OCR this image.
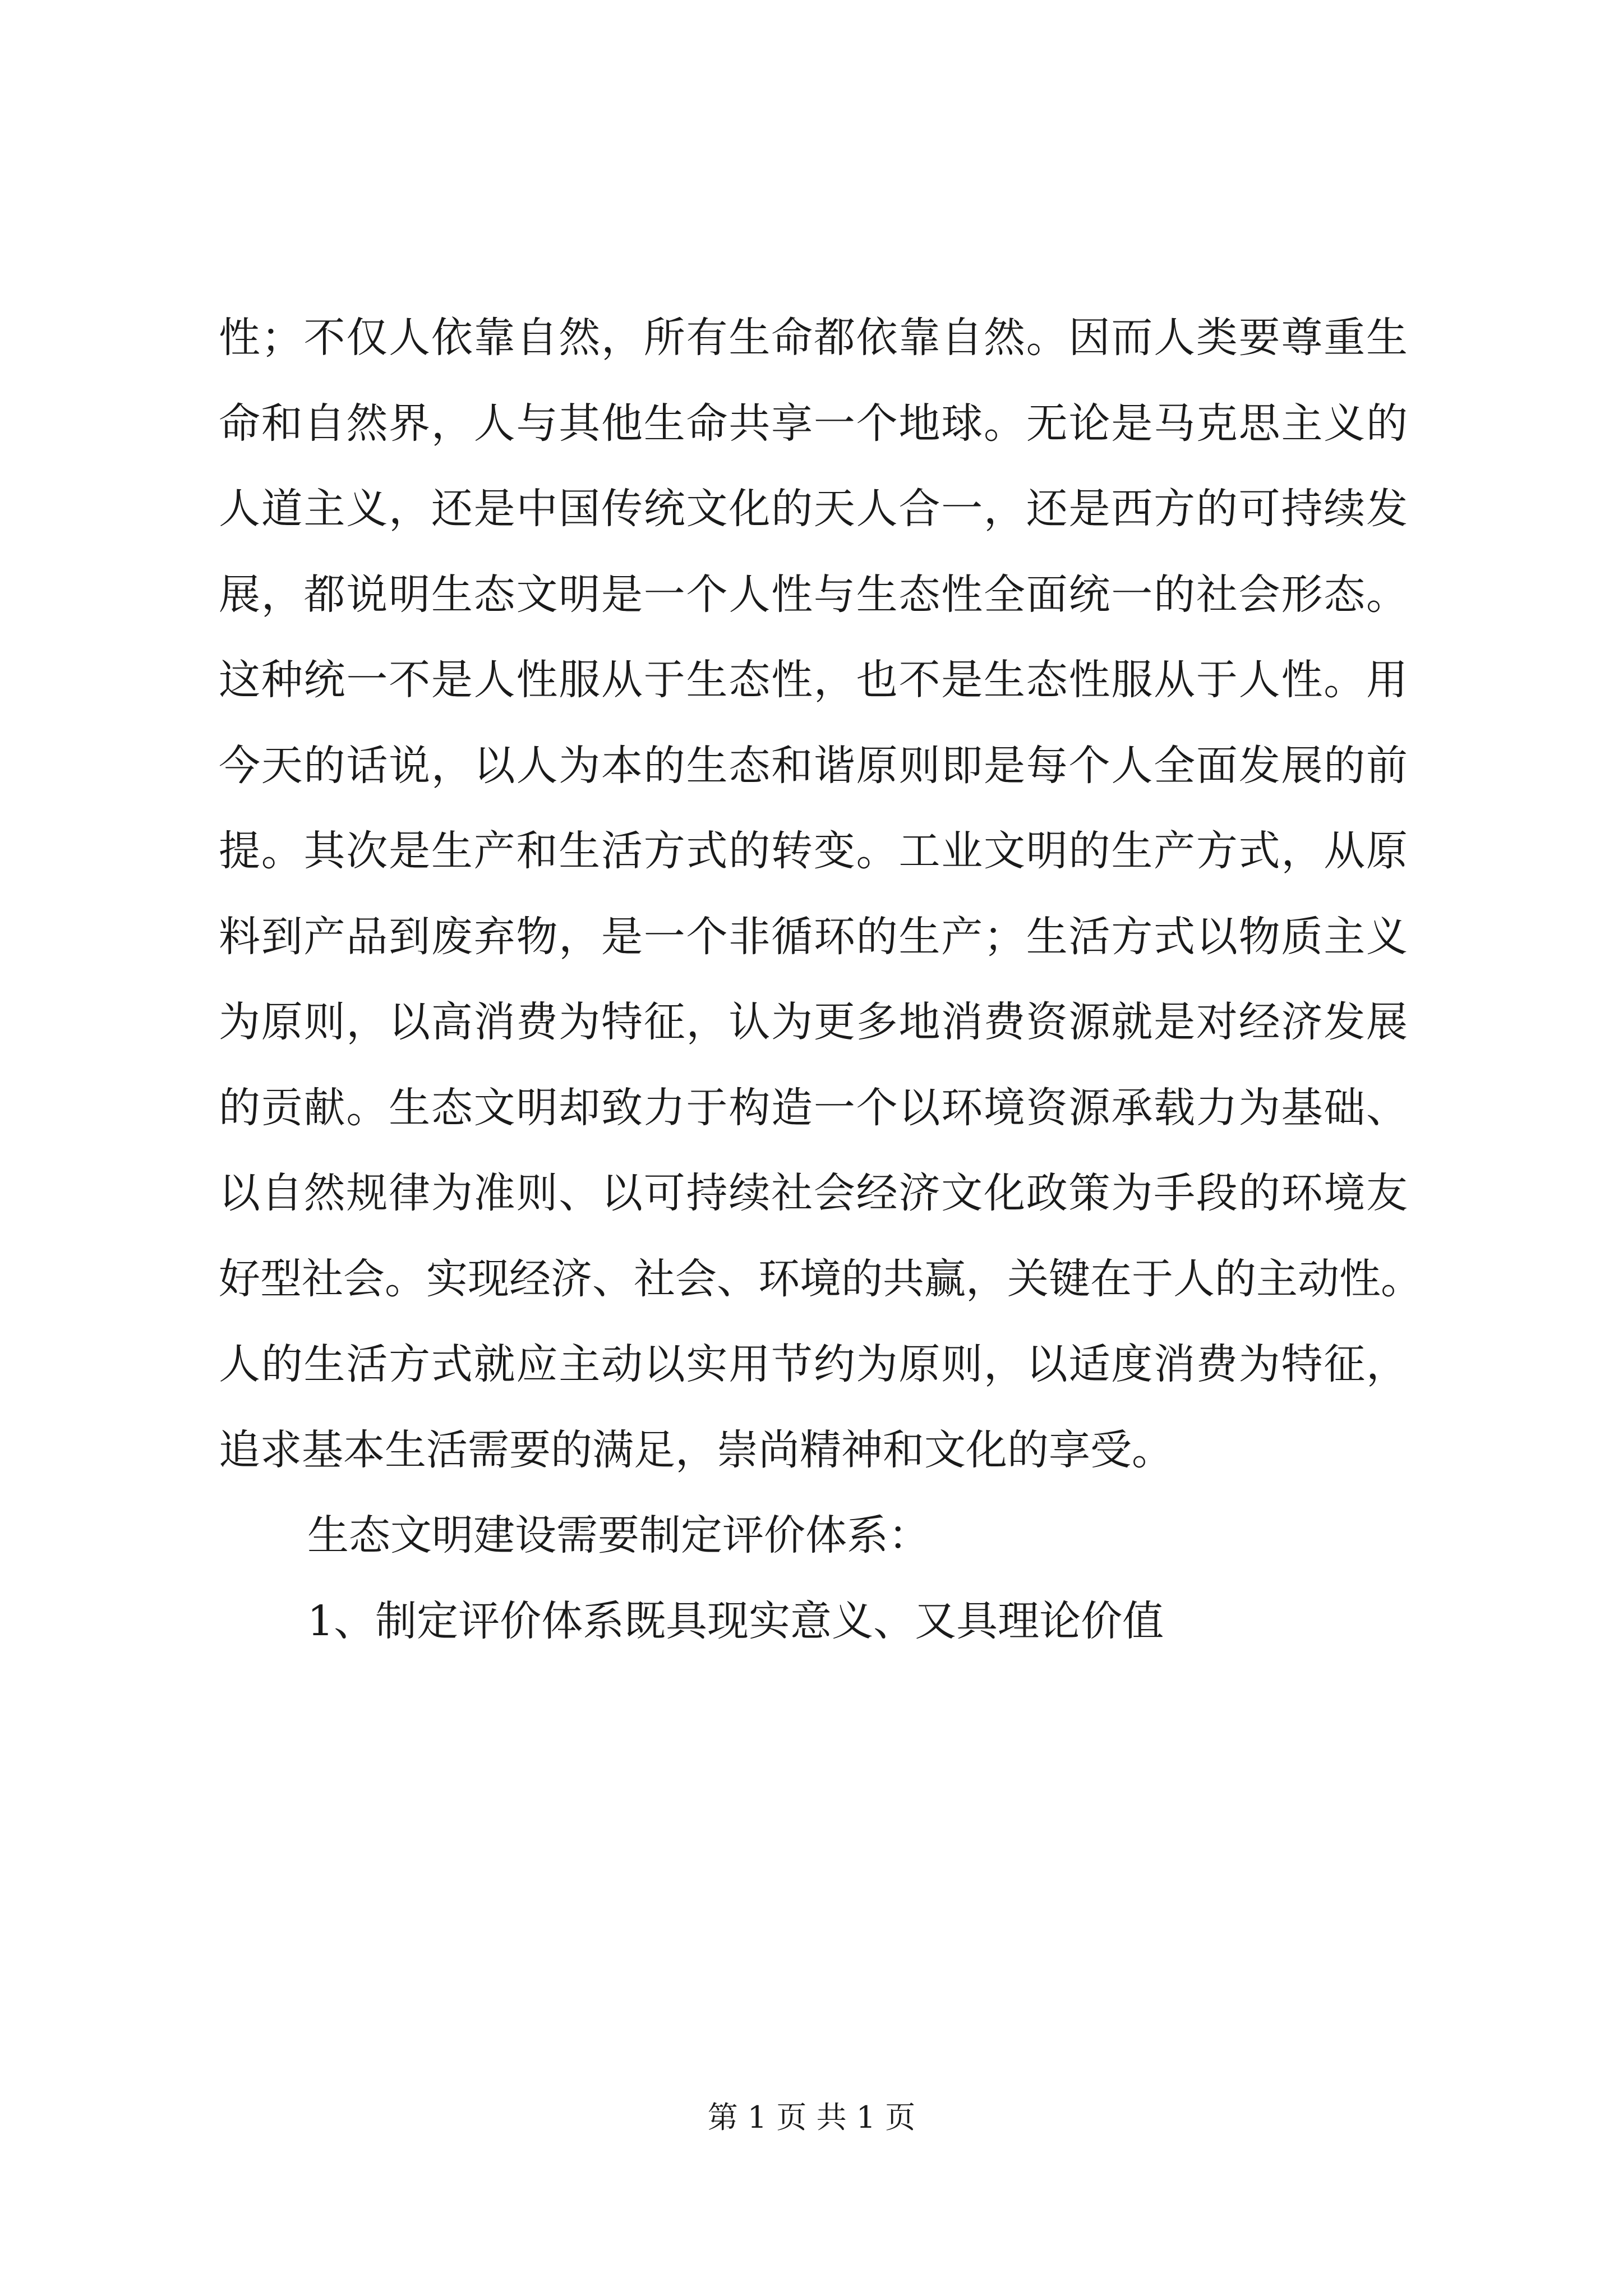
性；不仅人依靠自然，所有生命都依靠自然。因而人类要尊重生
命和自然界，人与其他生命共享一个地球。无论是马克思主义的
人道主义，还是中国传统文化的天人合一，还是西方的可持续发
展，都说明生态文明是一个人性与生态性全面统一的社会形态。
这种统一不是人性服从于生态性，也不是生态性服从于人性。用
今天的话说，以人为本的生态和谐原则即是每个人全面发展的前
提。其次是生产和生活方式的转变。工业文明的生产方式，从原
料到产品到废弃物，是一个非循环的生产；生活方式以物质主义
为原则，以高消费为特征，认为更多地消费资源就是对经济发展
的贡献。生态文明却致力于构造一个以环境资源承载力为基础、
以自然规律为准则、以可持续社会经济文化政策为手段的环境友
好型社会。实现经济、社会、环境的共赢，关键在于人的主动性。
人的生活方式就应主动以实用节约为原则，以适度消费为特征，
追求基本生活需要的满足，崇尚精神和文化的享受。
生态文明建设需要制定评价体系：
1、制定评价体系既具现实意义、又具理论价值
第 1 页 共 1 页
